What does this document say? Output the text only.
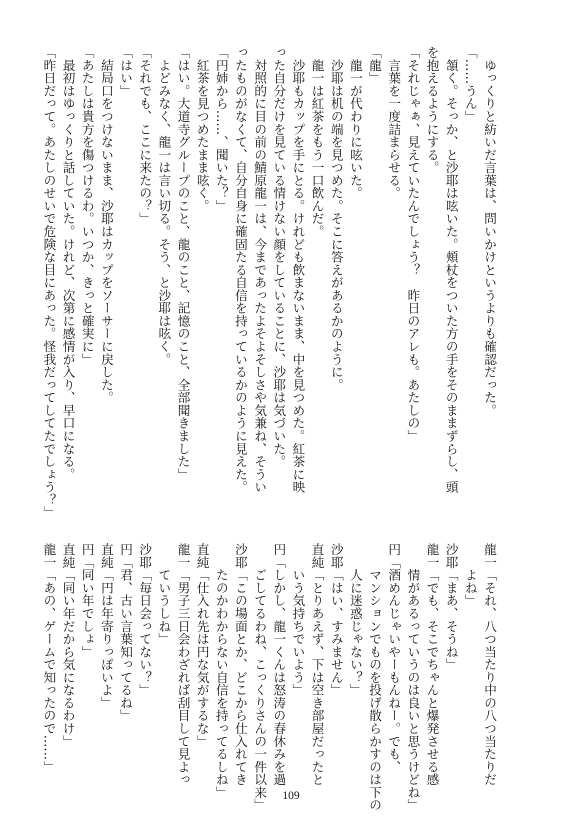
　ゆっくりと紡いだ言葉は、問いかけというよりも確認だった。
「……うん」
　頷く。そっか、と沙耶は呟いた。頬杖をついた方の手をそのままずらし、頭
を抱えるようにする。
「それじゃぁ、見えていたんでしょう？　昨日のアレも。あたしの」
　言葉を一度詰まらせる。
「龍」
　龍一が代わりに呟いた。
　沙耶は机の端を見つめた。そこに答えがあるかのように。
　龍一は紅茶をもう一口飲んだ。
　沙耶もカップを手にとる。けれども飲まないまま、中を見つめた。紅茶に映
った自分だけを見ている情けない顔をしていることに、沙耶は気づいた。
　対照的に目の前の鯖原龍一は、今まであったよそよそしさや気兼ね、そうい
ったものがなくて、自分自身に確固たる自信を持っているかのように見えた。
「円姉から……、聞いた？」
　紅茶を見つめたまま呟く。
「はい。大道寺グループのこと、龍のこと、記憶のこと、全部聞きました」
　よどみなく、龍一は言い切る。そう、と沙耶は呟く。
「それでも、ここに来たの？」
「はい」
　結局口をつけないまま、沙耶はカップをソーサーに戻した。
「あたしは貴方を傷つけるわ。いつか、きっと確実に」
　最初はゆっくりと話していた。けれど、次第に感情が入り、早口になる。
「昨日だって。あたしのせいで危険な目にあった。怪我だってしてたでしょう？」
龍一「それ、八つ当たり中の八つ当たりだ
　　よね」
沙耶「まあ、そうね」
龍一「でも、そこでちゃんと爆発させる感
　　情があるっていうのは良いと思うけどね」
円「酒めんじゃいやーもんねー。でも、
　　マンションでものを投げ散らかすのは下の
　　人に迷惑じゃない？」
沙耶「はい、すみません」
直純「とりあえず、下は空き部屋だったと
　　いう気持ちでいよう」
円「しかし、龍一くんは怒涛の春休みを過
　　ごしてるわね、こっくりさんの一件以来」
沙耶「この場面とか、どこから仕入れてき
　　たのかわからない自信を持ってるしね」
直純「仕入れ先は円な気がするな」
龍一「男子三日会わざれば刮目して見よっ
　　ていうしね」
沙耶「毎日会ってない？」
円「君、古い言葉知ってるね」
直純「円は年寄りっぽいよ」
円「同い年でしょ」
直純「同い年だから気になるわけ」
龍一「あの、ゲームで知ったので……」
109
